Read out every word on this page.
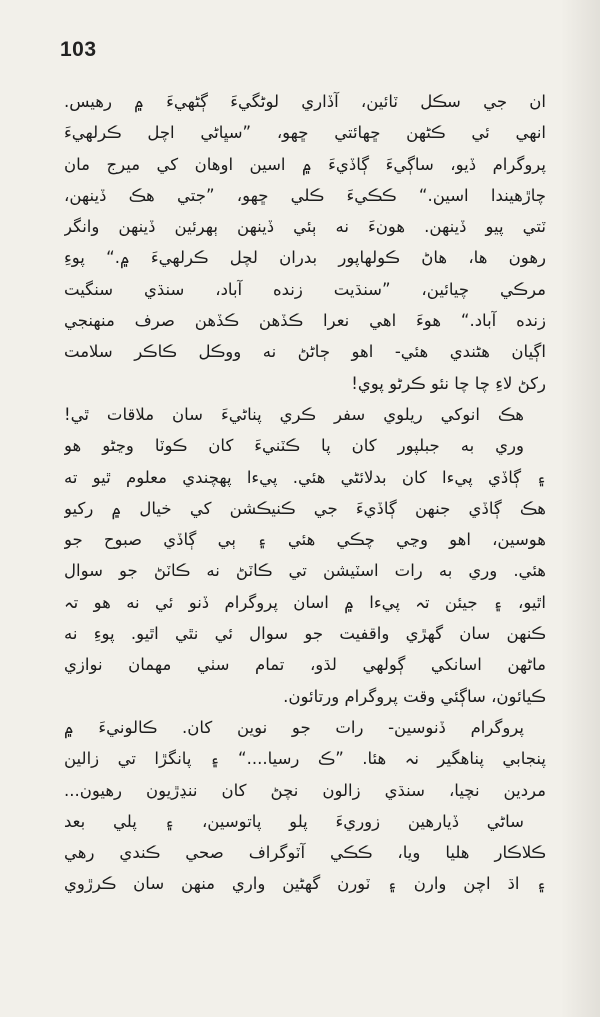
103
ان جي سڪل ٽائين، آڏاري لوڻگيءَ ڳڻهيءَ ۾ رهيس.
انهي ئي ڪڻهن ڇهائتي ڇهو، ”سڀاڻي اچل ڪرلهيءَ
پروگرام ڏيو، ساڳيءَ ڳاڏيءَ ۾ اسين اوهان کي ميرج مان
چاڙهيندا اسين.“ ڪڪيءَ ڪلي ڇهو، ”جتي هڪ ڏينهن،
ٽتي پيو ڏينهن. هونءَ نه ٻئي ڏينهن ٻهرئين ڏينهن وانگر
رهون ها، هاڻ ڪولهاپور بدران لچل ڪرلهيءَ ۾.“ پوءِ
مرڪي چيائين، ”سنڌيت زنده آباد، سنڌي سنگيت
زنده آباد.“ هوءَ اهي نعرا ڪڏهن ڪڏهن صرف منهنجي
اڳيان هڻندي هئي- اهو ڄاڻڻ نه ووڪل ڪاڪر سلامت
رکڻ لاءِ چا چا نئو ڪرڻو پوي!
هڪ انوکي ريلوي سفر ڪري پناڻيءَ سان ملاقات ٿي!
وري به جبلپور کان پا ڪٽنيءَ کان ڪوٽا وڃڻو هو
۽ ڳاڏي پيءا کان بدلائڻي هئي. پيءا پهچندي معلوم ٿيو ته
هڪ ڳاڏي جنهن ڳاڏيءَ جي ڪنيڪشن کي خيال ۾ رکيو
هوسين، اهو وڃي چڪي هئي ۽ ٻي ڳاڏي صبوح جو
هئي. وري به رات اسٽيشن تي ڪاٽڻ نه ڪاٽڻ جو سوال
اٿيو، ۽ جيئن تہ پيءا ۾ اسان پروگرام ڏنو ئي نه هو تہ
ڪنهن سان گهڙي واقفيت جو سوال ئي نٿي اٿيو. پوءِ نه
ماڻهن اسانکي ڳولهي لڌو، تمام سٺي مهمان نوازي
ڪيائون، ساڳئي وقت پروگرام ورتائون.
پروگرام ڏنوسين- رات جو نوين کان. ڪالونيءَ ۾
پنجابي پناهگير نہ هئا. ”ڪ رسيا....“ ۽ پانگڙا تي زالين
مردين نچيا، سنڌي زالون نچڻ کان ننڍڙيون رهيون...
ساڻي ڏيارهين زوريءَ پلو پاتوسين، ۽ پلي بعد
ڪلاڪار هليا ويا، ڪڪي آٽوگراف صحي ڪندي رهي
۽ اڌ اچن وارن ۽ ٽورن گهڻين واري منهن سان ڪرڙوي
